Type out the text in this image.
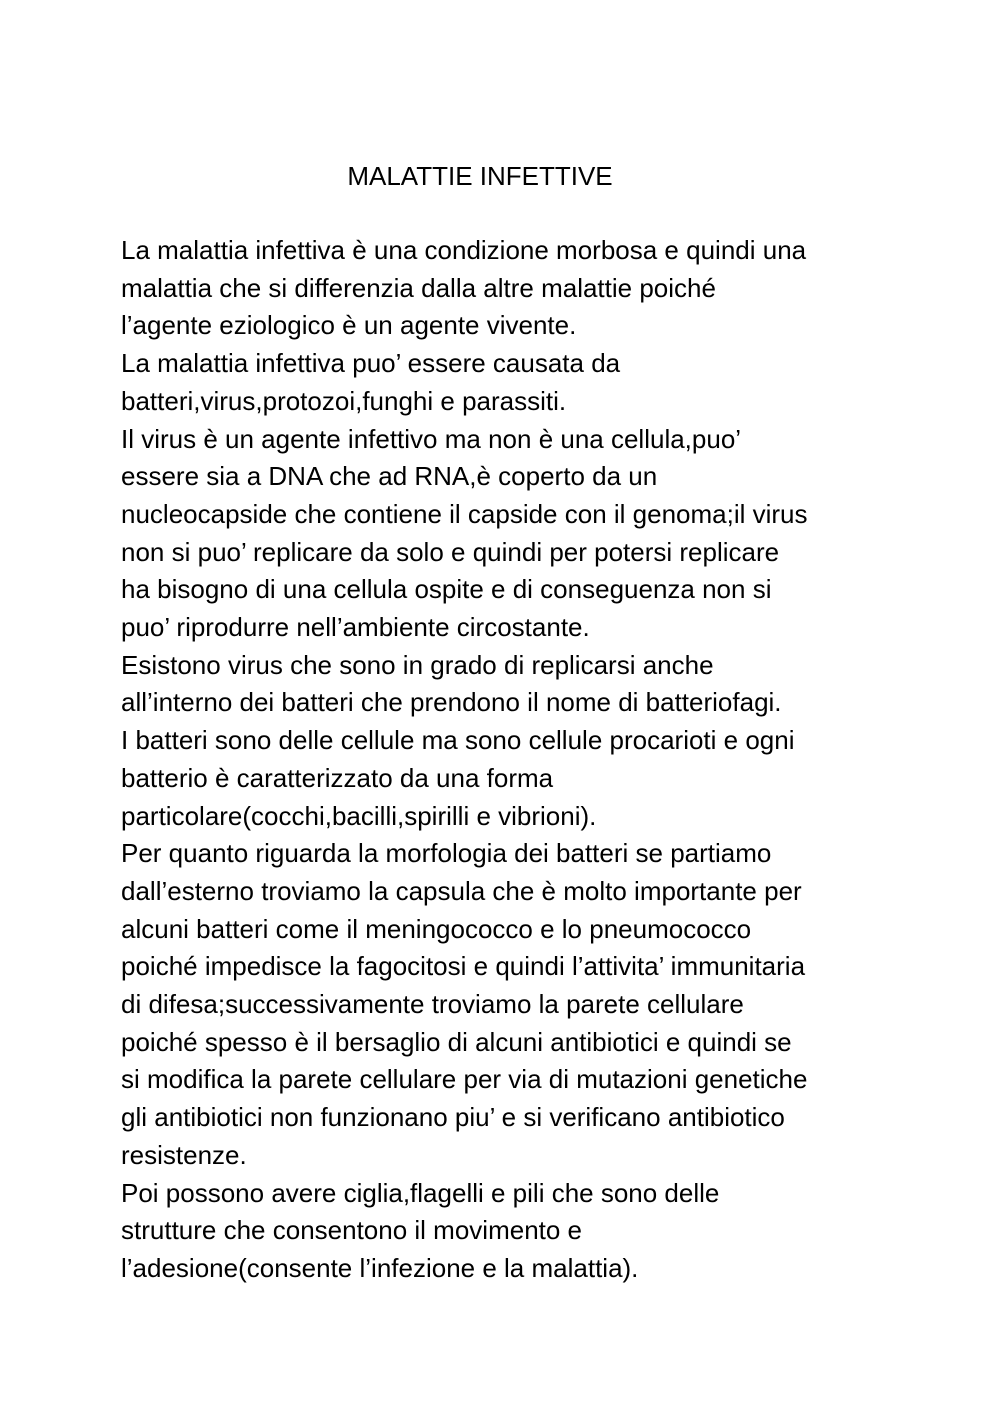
MALATTIE INFETTIVE
La malattia infettiva è una condizione morbosa e quindi una
malattia che si differenzia dalla altre malattie poiché
l’agente eziologico è un agente vivente.
La malattia infettiva puo’ essere causata da
batteri,virus,protozoi,funghi e parassiti.
Il virus è un agente infettivo ma non è una cellula,puo’
essere sia a DNA che ad RNA,è coperto da un
nucleocapside che contiene il capside con il genoma;il virus
non si puo’ replicare da solo e quindi per potersi replicare
ha bisogno di una cellula ospite e di conseguenza non si
puo’ riprodurre nell’ambiente circostante.
Esistono virus che sono in grado di replicarsi anche
all’interno dei batteri che prendono il nome di batteriofagi.
I batteri sono delle cellule ma sono cellule procarioti e ogni
batterio è caratterizzato da una forma
particolare(cocchi,bacilli,spirilli e vibrioni).
Per quanto riguarda la morfologia dei batteri se partiamo
dall’esterno troviamo la capsula che è molto importante per
alcuni batteri come il meningococco e lo pneumococco
poiché impedisce la fagocitosi e quindi l’attivita’ immunitaria
di difesa;successivamente troviamo la parete cellulare
poiché spesso è il bersaglio di alcuni antibiotici e quindi se
si modifica la parete cellulare per via di mutazioni genetiche
gli antibiotici non funzionano piu’ e si verificano antibiotico
resistenze.
Poi possono avere ciglia,flagelli e pili che sono delle
strutture che consentono il movimento e
l’adesione(consente l’infezione e la malattia).
